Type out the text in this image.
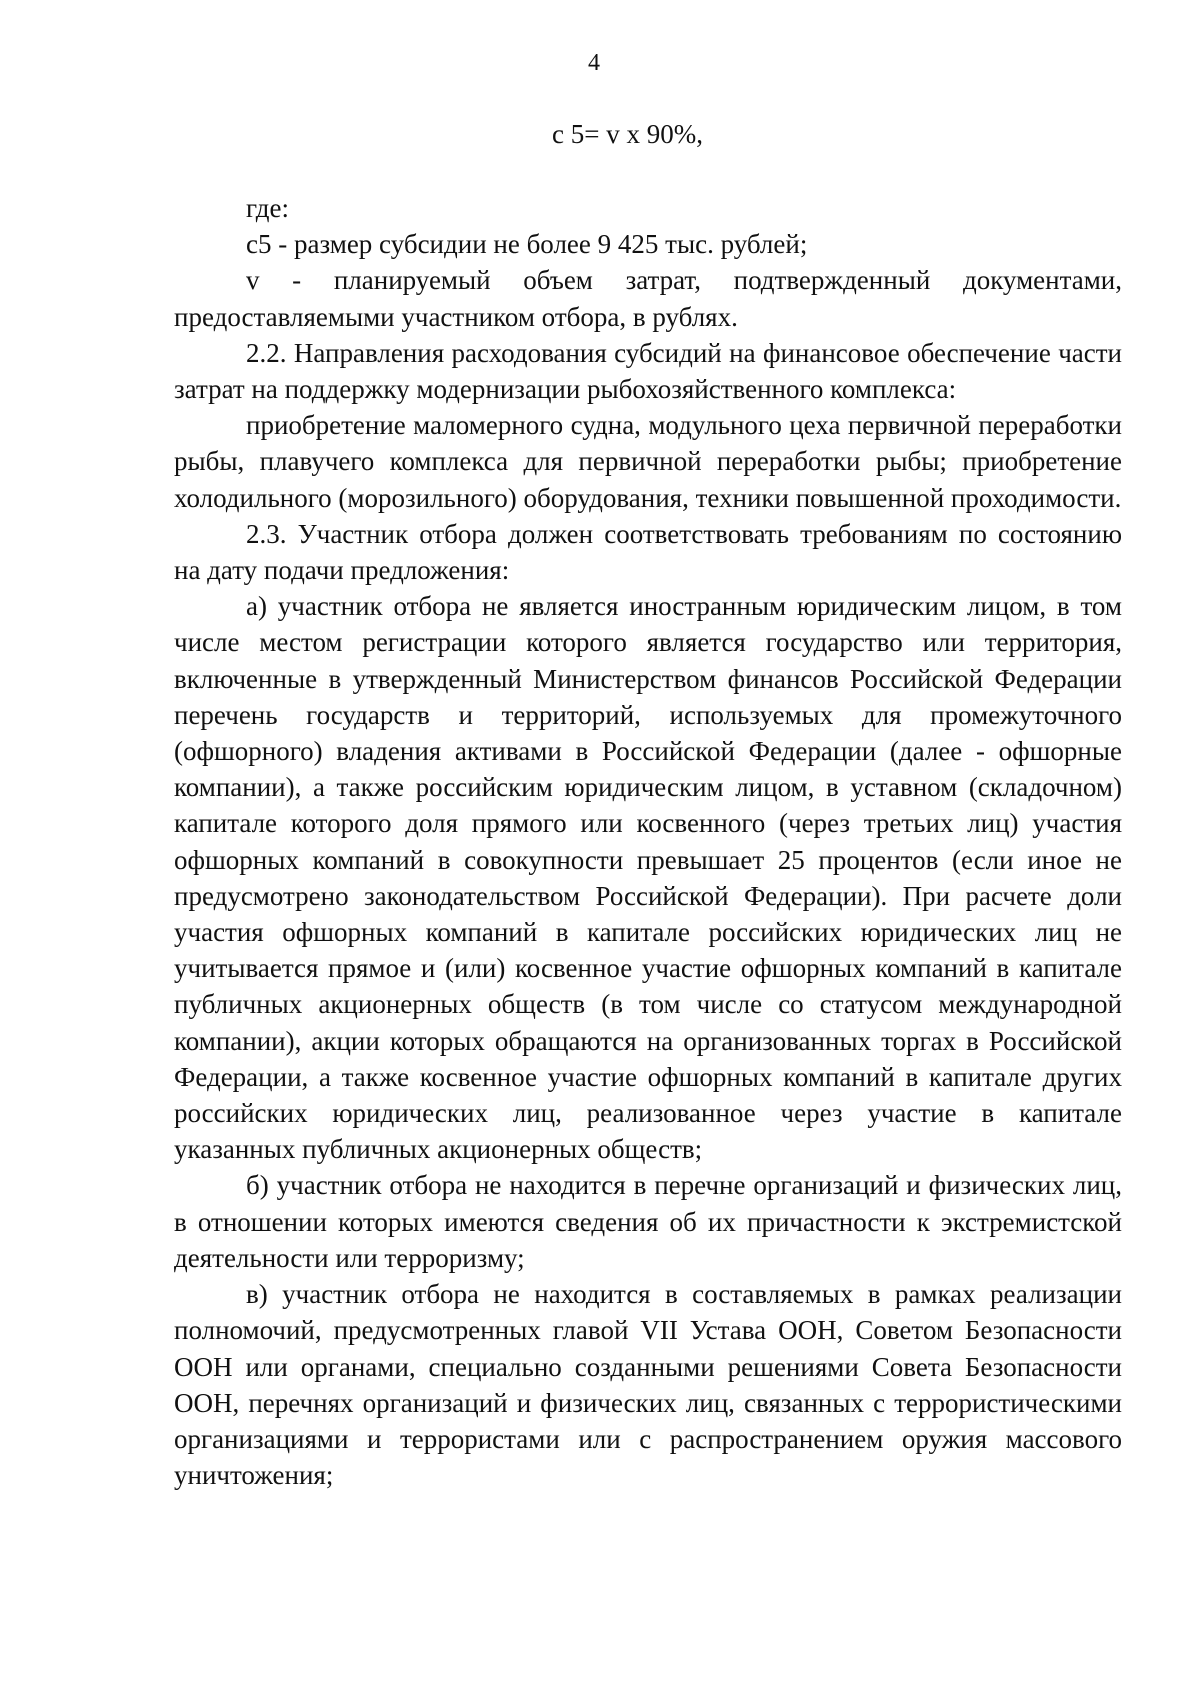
4
c 5= v x 90%,

где:

c5 - размер субсидии не более 9 425 тыс. рублей;

v - планируемый объем затрат, подтвержденный документами, предоставляемыми участником отбора, в рублях.

2.2. Направления расходования субсидий на финансовое обеспечение части затрат на поддержку модернизации рыбохозяйственного комплекса:

приобретение маломерного судна, модульного цеха первичной переработки рыбы, плавучего комплекса для первичной переработки рыбы; приобретение холодильного (морозильного) оборудования, техники повышенной проходимости.

2.3. Участник отбора должен соответствовать требованиям по состоянию на дату подачи предложения:

а) участник отбора не является иностранным юридическим лицом, в том числе местом регистрации которого является государство или территория, включенные в утвержденный Министерством финансов Российской Федерации перечень государств и территорий, используемых для промежуточного (офшорного) владения активами в Российской Федерации (далее - офшорные компании), а также российским юридическим лицом, в уставном (складочном) капитале которого доля прямого или косвенного (через третьих лиц) участия офшорных компаний в совокупности превышает 25 процентов (если иное не предусмотрено законодательством Российской Федерации). При расчете доли участия офшорных компаний в капитале российских юридических лиц не учитывается прямое и (или) косвенное участие офшорных компаний в капитале публичных акционерных обществ (в том числе со статусом международной компании), акции которых обращаются на организованных торгах в Российской Федерации, а также косвенное участие офшорных компаний в капитале других российских юридических лиц, реализованное через участие в капитале указанных публичных акционерных обществ;

б) участник отбора не находится в перечне организаций и физических лиц, в отношении которых имеются сведения об их причастности к экстремистской деятельности или терроризму;

в) участник отбора не находится в составляемых в рамках реализации полномочий, предусмотренных главой VII Устава ООН, Советом Безопасности ООН или органами, специально созданными решениями Совета Безопасности ООН, перечнях организаций и физических лиц, связанных с террористическими организациями и террористами или с распространением оружия массового уничтожения;
